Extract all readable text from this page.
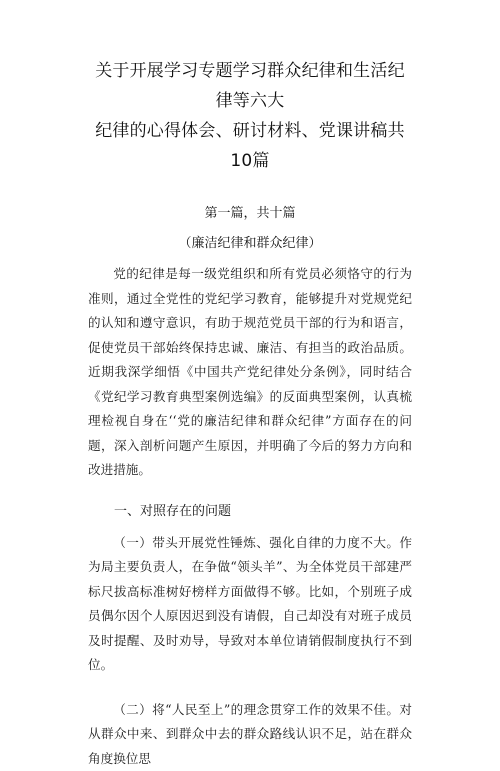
关于开展学习专题学习群众纪律和生活纪律等六大
纪律的心得体会、研讨材料、党课讲稿共10篇
第一篇，共十篇
（廉洁纪律和群众纪律）

党的纪律是每一级党组织和所有党员必须恪守的行为准则，通过全党性的党纪学习教育，能够提升对党规党纪的认知和遵守意识，有助于规范党员干部的行为和语言，促使党员干部始终保持忠诚、廉洁、有担当的政治品质。近期我深学细悟《中国共产党纪律处分条例》，同时结合《党纪学习教育典型案例选编》的反面典型案例，认真梳理检视自身在‘‘党的廉洁纪律和群众纪律”方面存在的问题，深入剖析问题产生原因，并明确了今后的努力方向和改进措施。

一、对照存在的问题

（一）带头开展党性锤炼、强化自律的力度不大。作为局主要负责人，在争做“领头羊”、为全体党员干部建严标尺拔高标准树好榜样方面做得不够。比如，个别班子成员偶尔因个人原因迟到没有请假，自己却没有对班子成员及时提醒、及时劝导，导致对本单位请销假制度执行不到位。

（二）将“人民至上”的理念贯穿工作的效果不佳。对从群众中来、到群众中去的群众路线认识不足，站在群众角度换位思
